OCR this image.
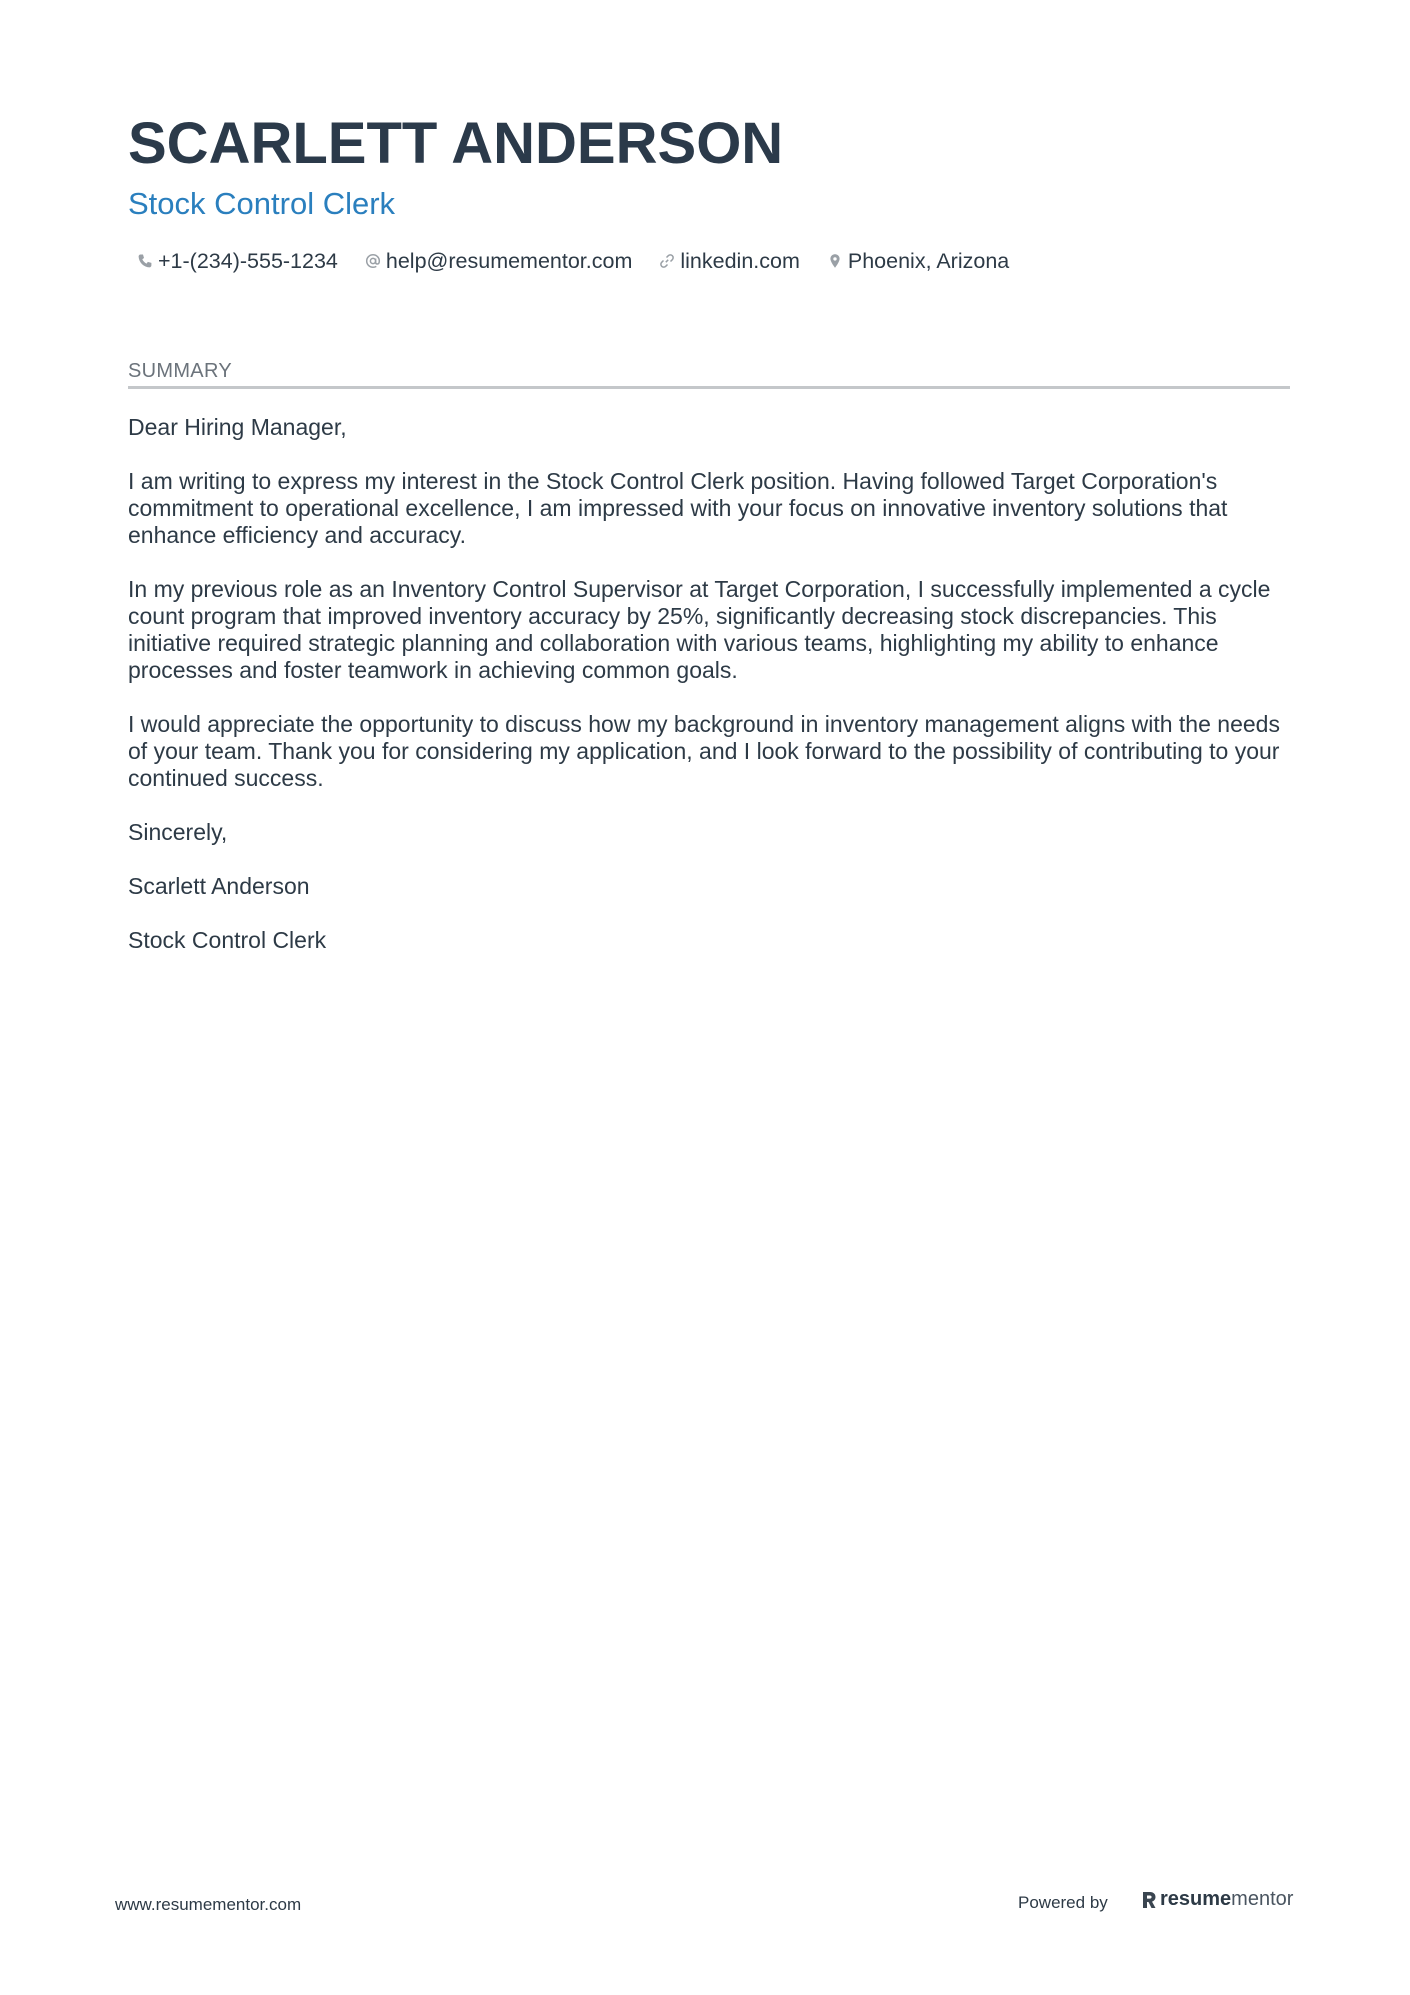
SCARLETT ANDERSON
Stock Control Clerk
+1-(234)-555-1234 help@resumementor.com linkedin.com Phoenix, Arizona
SUMMARY

Dear Hiring Manager,

I am writing to express my interest in the Stock Control Clerk position. Having followed Target Corporation's commitment to operational excellence, I am impressed with your focus on innovative inventory solutions that enhance efficiency and accuracy.

In my previous role as an Inventory Control Supervisor at Target Corporation, I successfully implemented a cycle count program that improved inventory accuracy by 25%, significantly decreasing stock discrepancies. This initiative required strategic planning and collaboration with various teams, highlighting my ability to enhance processes and foster teamwork in achieving common goals.

I would appreciate the opportunity to discuss how my background in inventory management aligns with the needs of your team. Thank you for considering my application, and I look forward to the possibility of contributing to your continued success.

Sincerely,

Scarlett Anderson

Stock Control Clerk

www.resumementor.com	Powered by	resume mentor
